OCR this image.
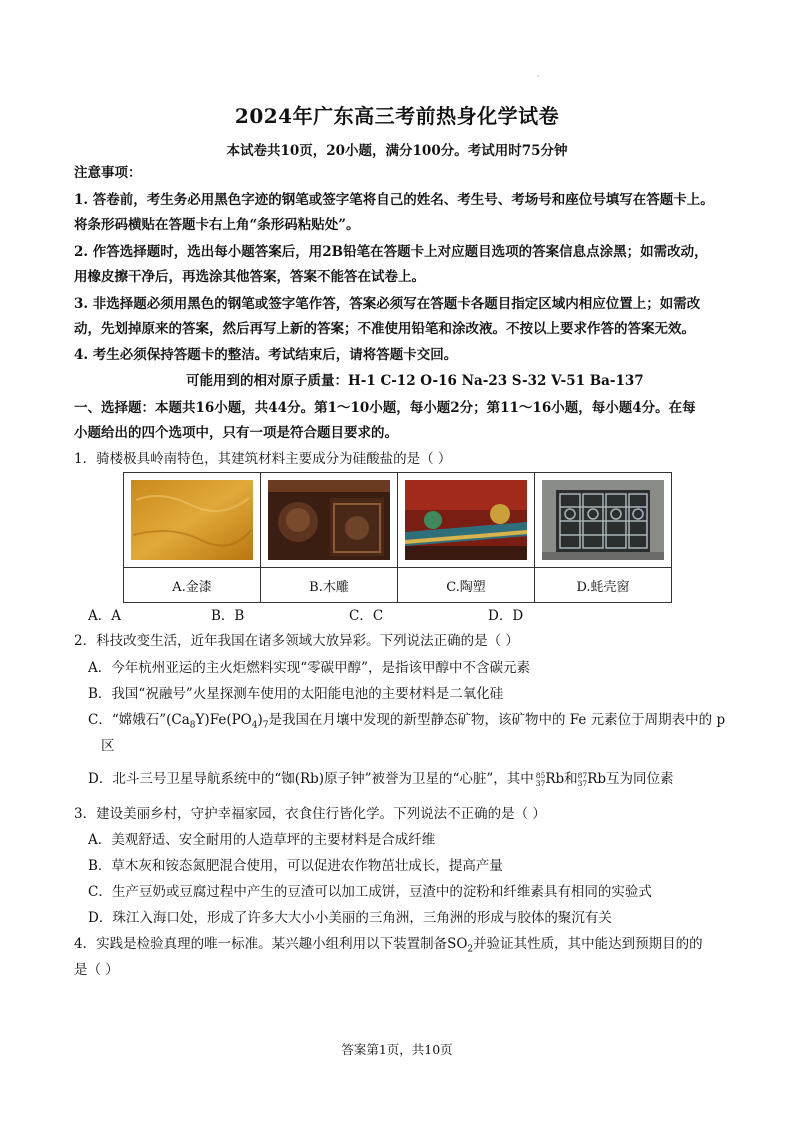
·
2024年广东高三考前热身化学试卷
本试卷共10页，20小题，满分100分。考试用时75分钟
注意事项：
1. 答卷前，考生务必用黑色字迹的钢笔或签字笔将自己的姓名、考生号、考场号和座位号填写在答题卡上。
将条形码横贴在答题卡右上角“条形码粘贴处”。
2. 作答选择题时，选出每小题答案后，用2B铅笔在答题卡上对应题目选项的答案信息点涂黑；如需改动，
用橡皮擦干净后，再选涂其他答案，答案不能答在试卷上。
3. 非选择题必须用黑色的钢笔或签字笔作答，答案必须写在答题卡各题目指定区域内相应位置上；如需改
动，先划掉原来的答案，然后再写上新的答案；不准使用铅笔和涂改液。不按以上要求作答的答案无效。
4. 考生必须保持答题卡的整洁。考试结束后，请将答题卡交回。
可能用到的相对原子质量：H-1 C-12 O-16 Na-23 S-32 V-51 Ba-137
一、选择题：本题共16小题，共44分。第1～10小题，每小题2分；第11～16小题，每小题4分。在每
小题给出的四个选项中，只有一项是符合题目要求的。
1．骑楼极具岭南特色，其建筑材料主要成分为硅酸盐的是（ ）

A.金漆	B.木雕	C.陶塑	D.蚝壳窗
A．A	B．B	C．C	D．D
2．科技改变生活，近年我国在诸多领域大放异彩。下列说法正确的是（ ）
A．今年杭州亚运的主火炬燃料实现“零碳甲醇”，是指该甲醇中不含碳元素
B．我国“祝融号”火星探测车使用的太阳能电池的主要材料是二氧化硅
C．“嫦娥石$”(Ca_8Y)Fe(PO_4)_7$是我国在月壤中发现的新型静态矿物，该矿物中的 Fe 元素位于周期表中的 p
区
D．北斗三号卫星导航系统中的“铷(Rb)原子钟”被誉为卫星的“心脏”，其中 85
37 Rb和 87
37 Rb互为同位素
3．建设美丽乡村，守护幸福家园，衣食住行皆化学。下列说法不正确的是（ ）
A．美观舒适、安全耐用的人造草坪的主要材料是合成纤维
B．草木灰和铵态氮肥混合使用，可以促进农作物茁壮成长，提高产量
C．生产豆奶或豆腐过程中产生的豆渣可以加工成饼，豆渣中的淀粉和纤维素具有相同的实验式
D．珠江入海口处，形成了许多大大小小美丽的三角洲，三角洲的形成与胶体的聚沉有关
4．实践是检验真理的唯一标准。某兴趣小组利用以下装置制备$SO_2$并验证其性质，其中能达到预期目的的
是（ ）
答案第1页，共10页
